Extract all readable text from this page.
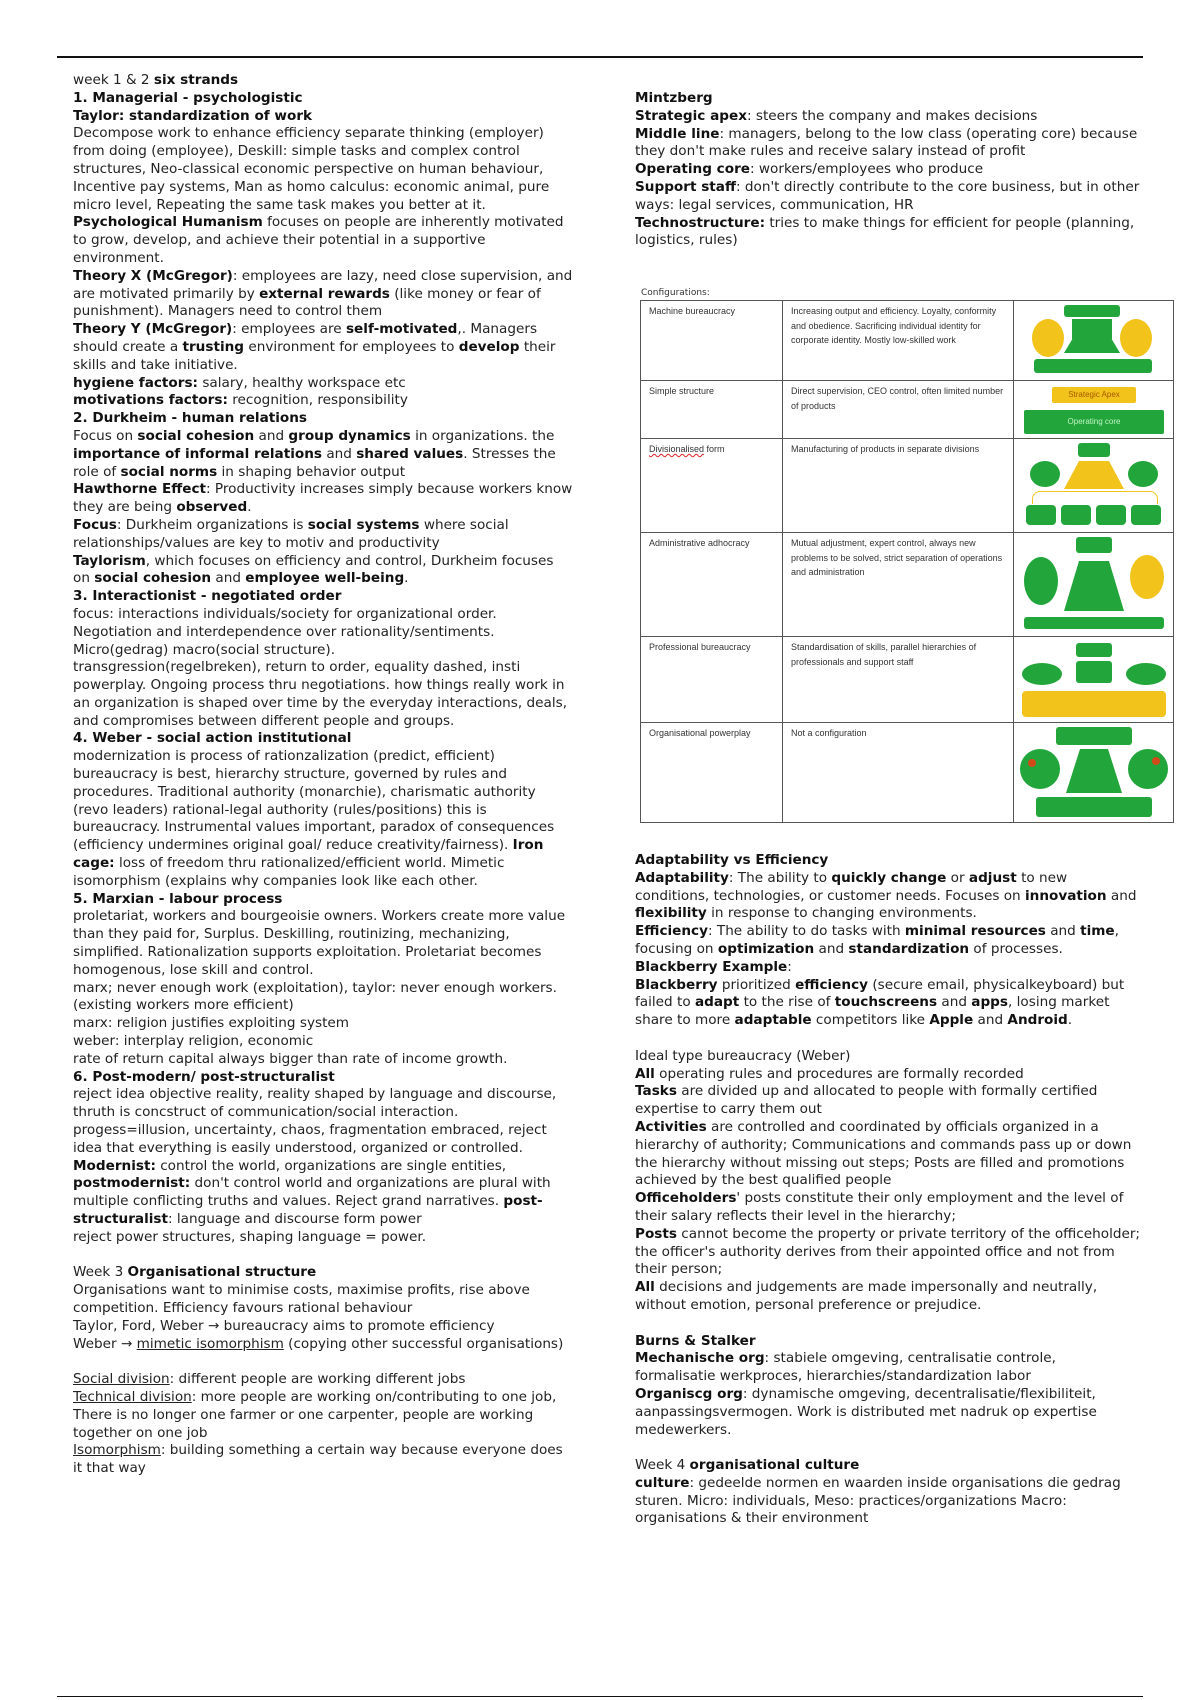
week 1 & 2 six strands

1. Managerial - psychologistic

Taylor: standardization of work

Decompose work to enhance efficiency separate thinking (employer) from doing (employee), Deskill: simple tasks and complex control structures, Neo-classical economic perspective on human behaviour, Incentive pay systems, Man as homo calculus: economic animal, pure micro level, Repeating the same task makes you better at it.

Psychological Humanism focuses on people are inherently motivated to grow, develop, and achieve their potential in a supportive environment.

Theory X (McGregor): employees are lazy, need close supervision, and are motivated primarily by external rewards (like money or fear of punishment). Managers need to control them

Theory Y (McGregor): employees are self-motivated,. Managers should create a trusting environment for employees to develop their skills and take initiative.

hygiene factors: salary, healthy workspace etc

motivations factors: recognition, responsibility

2. Durkheim - human relations

Focus on social cohesion and group dynamics in organizations. the importance of informal relations and shared values. Stresses the role of social norms in shaping behavior output

Hawthorne Effect: Productivity increases simply because workers know they are being observed.

Focus: Durkheim organizations is social systems where social relationships/values are key to motiv and productivity

Taylorism, which focuses on efficiency and control, Durkheim focuses on social cohesion and employee well-being.

3. Interactionist - negotiated order

focus: interactions individuals/society for organizational order. Negotiation and interdependence over rationality/sentiments. Micro(gedrag) macro(social structure).

transgression(regelbreken), return to order, equality dashed, insti powerplay. Ongoing process thru negotiations. how things really work in an organization is shaped over time by the everyday interactions, deals, and compromises between different people and groups.

4. Weber - social action institutional

modernization is process of rationzalization (predict, efficient) bureaucracy is best, hierarchy structure, governed by rules and procedures. Traditional authority (monarchie), charismatic authority (revo leaders) rational-legal authority (rules/positions) this is bureaucracy. Instrumental values important, paradox of consequences (efficiency undermines original goal/ reduce creativity/fairness). Iron cage: loss of freedom thru rationalized/efficient world. Mimetic isomorphism (explains why companies look like each other.

5. Marxian - labour process

proletariat, workers and bourgeoisie owners. Workers create more value than they paid for, Surplus. Deskilling, routinizing, mechanizing, simplified. Rationalization supports exploitation. Proletariat becomes homogenous, lose skill and control.

marx; never enough work (exploitation), taylor: never enough workers. (existing workers more efficient)

marx: religion justifies exploiting system

weber: interplay religion, economic

rate of return capital always bigger than rate of income growth.

6. Post-modern/ post-structuralist

reject idea objective reality, reality shaped by language and discourse, thruth is concstruct of communication/social interaction.

progess=illusion, uncertainty, chaos, fragmentation embraced, reject idea that everything is easily understood, organized or controlled. Modernist: control the world, organizations are single entities, postmodernist: don't control world and organizations are plural with multiple conflicting truths and values. Reject grand narratives. post-structuralist: language and discourse form power

reject power structures, shaping language = power.

Week 3 Organisational structure

Organisations want to minimise costs, maximise profits, rise above competition. Efficiency favours rational behaviour

Taylor, Ford, Weber → bureaucracy aims to promote efficiency

Weber → mimetic isomorphism (copying other successful organisations)

Social division: different people are working different jobs

Technical division: more people are working on/contributing to one job, There is no longer one farmer or one carpenter, people are working together on one job

Isomorphism: building something a certain way because everyone does it that way

Mintzberg

Strategic apex: steers the company and makes decisions

Middle line: managers, belong to the low class (operating core) because they don't make rules and receive salary instead of profit

Operating core: workers/employees who produce

Support staff: don't directly contribute to the core business, but in other ways: legal services, communication, HR

Technostructure: tries to make things for efficient for people (planning, logistics, rules)

Configurations:
Machine bureaucracy	Increasing output and efficiency. Loyalty, conformity and obedience. Sacrificing individual identity for corporate identity. Mostly low-skilled work	

Simple structure	Direct supervision, CEO control, often limited number of products	Strategic Apex
Operating core

Divisionalised form	Manufacturing of products in separate divisions	

Administrative adhocracy	Mutual adjustment, expert control, always new problems to be solved, strict separation of operations and administration	

Professional bureaucracy	Standardisation of skills, parallel hierarchies of professionals and support staff	

Organisational powerplay	Not a configuration	

Adaptability vs Efficiency

Adaptability: The ability to quickly change or adjust to new conditions, technologies, or customer needs. Focuses on innovation and flexibility in response to changing environments.

Efficiency: The ability to do tasks with minimal resources and time, focusing on optimization and standardization of processes.

Blackberry Example:

Blackberry prioritized efficiency (secure email, physicalkeyboard) but failed to adapt to the rise of touchscreens and apps, losing market share to more adaptable competitors like Apple and Android.

Ideal type bureaucracy (Weber)

All operating rules and procedures are formally recorded

Tasks are divided up and allocated to people with formally certified expertise to carry them out

Activities are controlled and coordinated by officials organized in a hierarchy of authority; Communications and commands pass up or down the hierarchy without missing out steps; Posts are filled and promotions achieved by the best qualified people

Officeholders' posts constitute their only employment and the level of their salary reflects their level in the hierarchy;

Posts cannot become the property or private territory of the officeholder; the officer's authority derives from their appointed office and not from their person;

All decisions and judgements are made impersonally and neutrally, without emotion, personal preference or prejudice.

Burns & Stalker

Mechanische org: stabiele omgeving, centralisatie controle, formalisatie werkproces, hierarchies/standardization labor

Organiscg org: dynamische omgeving, decentralisatie/flexibiliteit, aanpassingsvermogen. Work is distributed met nadruk op expertise medewerkers.

Week 4 organisational culture

culture: gedeelde normen en waarden inside organisations die gedrag sturen. Micro: individuals, Meso: practices/organizations Macro: organisations & their environment
